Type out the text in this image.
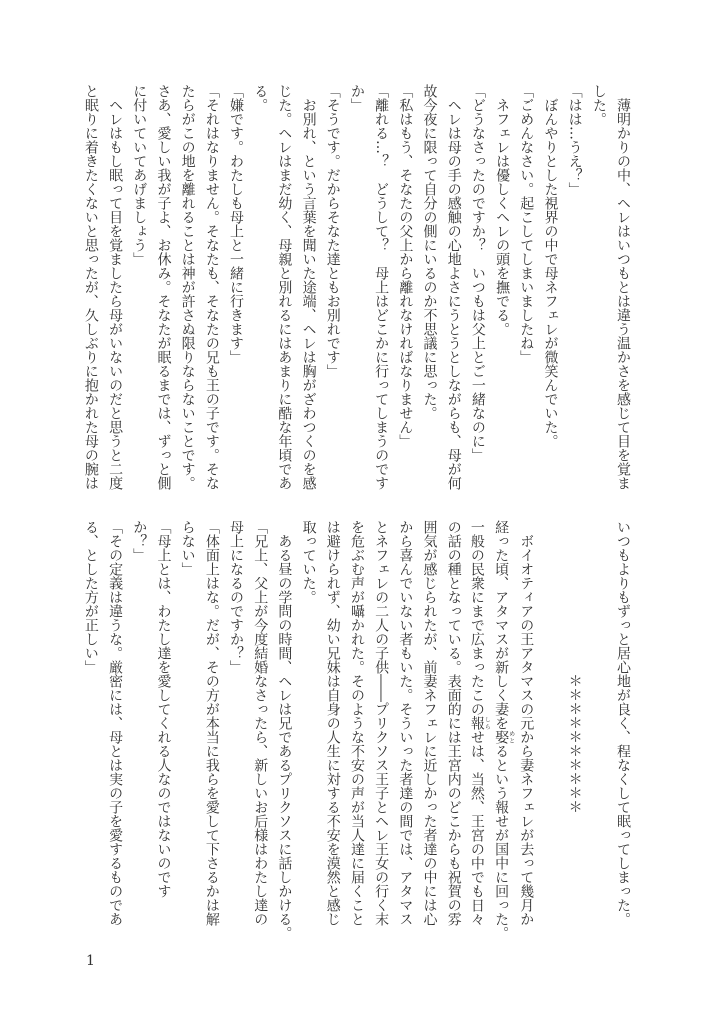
　薄明かりの中、ヘレはいつもとは違う温かさを感じて目を覚ま
した。
「はは…うえ？」
　ぼんやりとした視界の中で母ネフェレが微笑んでいた。
「ごめんなさい。起こしてしまいましたね」
　ネフェレは優しくヘレの頭を撫でる。
「どうなさったのですか？　いつもは父上とご一緒なのに」
　ヘレは母の手の感触の心地よさにうとうとしながらも、母が何
故今夜に限って自分の側にいるのか不思議に思った。
「私はもう、そなたの父上から離れなければなりません」
「離れる…？　どうして？　母上はどこかに行ってしまうのです
か」
「そうです。だからそなた達ともお別れです」
　お別れ、という言葉を聞いた途端、ヘレは胸がざわつくのを感
じた。ヘレはまだ幼く、母親と別れるにはあまりに酷な年頃であ
る。
「嫌です。わたしも母上と一緒に行きます」
「それはなりません。そなたも、そなたの兄も王の子です。そな
たらがこの地を離れることは神が許さぬ限りならないことです。
さあ、愛しい我が子よ、お休み。そなたが眠るまでは、ずっと側
に付いていてあげましょう」
　ヘレはもし眠って目を覚ましたら母がいないのだと思うと二度
と眠りに着きたくないと思ったが、久しぶりに抱かれた母の腕は
いつもよりもずっと居心地が良く、程なくして眠ってしまった。
　　　　　　　　　　　＊＊＊＊＊＊＊＊＊＊
　ボイオティアの王アタマスの元から妻ネフェレが去って幾月か
経った頃、アタマスが新しく妻を娶めとるという報せが国中に回った。
一般の民衆にまで広まったこの報しらせは、当然、王宮の中でも日々
の話の種となっている。表面的には王宮内のどこからも祝賀の雰
囲気が感じられたが、前妻ネフェレに近しかった者達の中には心
から喜んでいない者もいた。そういった者達の間では、アタマス
とネフェレの二人の子供――プリクソス王子とヘレ王女の行く末
を危ぶむ声が囁かれた。そのような不安の声が当人達に届くこと
は避けられず、幼い兄妹は自身の人生に対する不安を漠然と感じ
取っていた。
　ある昼の学問の時間、ヘレは兄であるプリクソスに話しかける。
「兄上、父上が今度結婚なさったら、新しいお后様はわたし達の
母上になるのですか？」
「体面上はな。だが、その方が本当に我らを愛して下さるかは解
らない」
「母上とは、わたし達を愛してくれる人なのではないのです
か？」
「その定義は違うな。厳密には、母とは実の子を愛するものであ
る、とした方が正しい」
1
